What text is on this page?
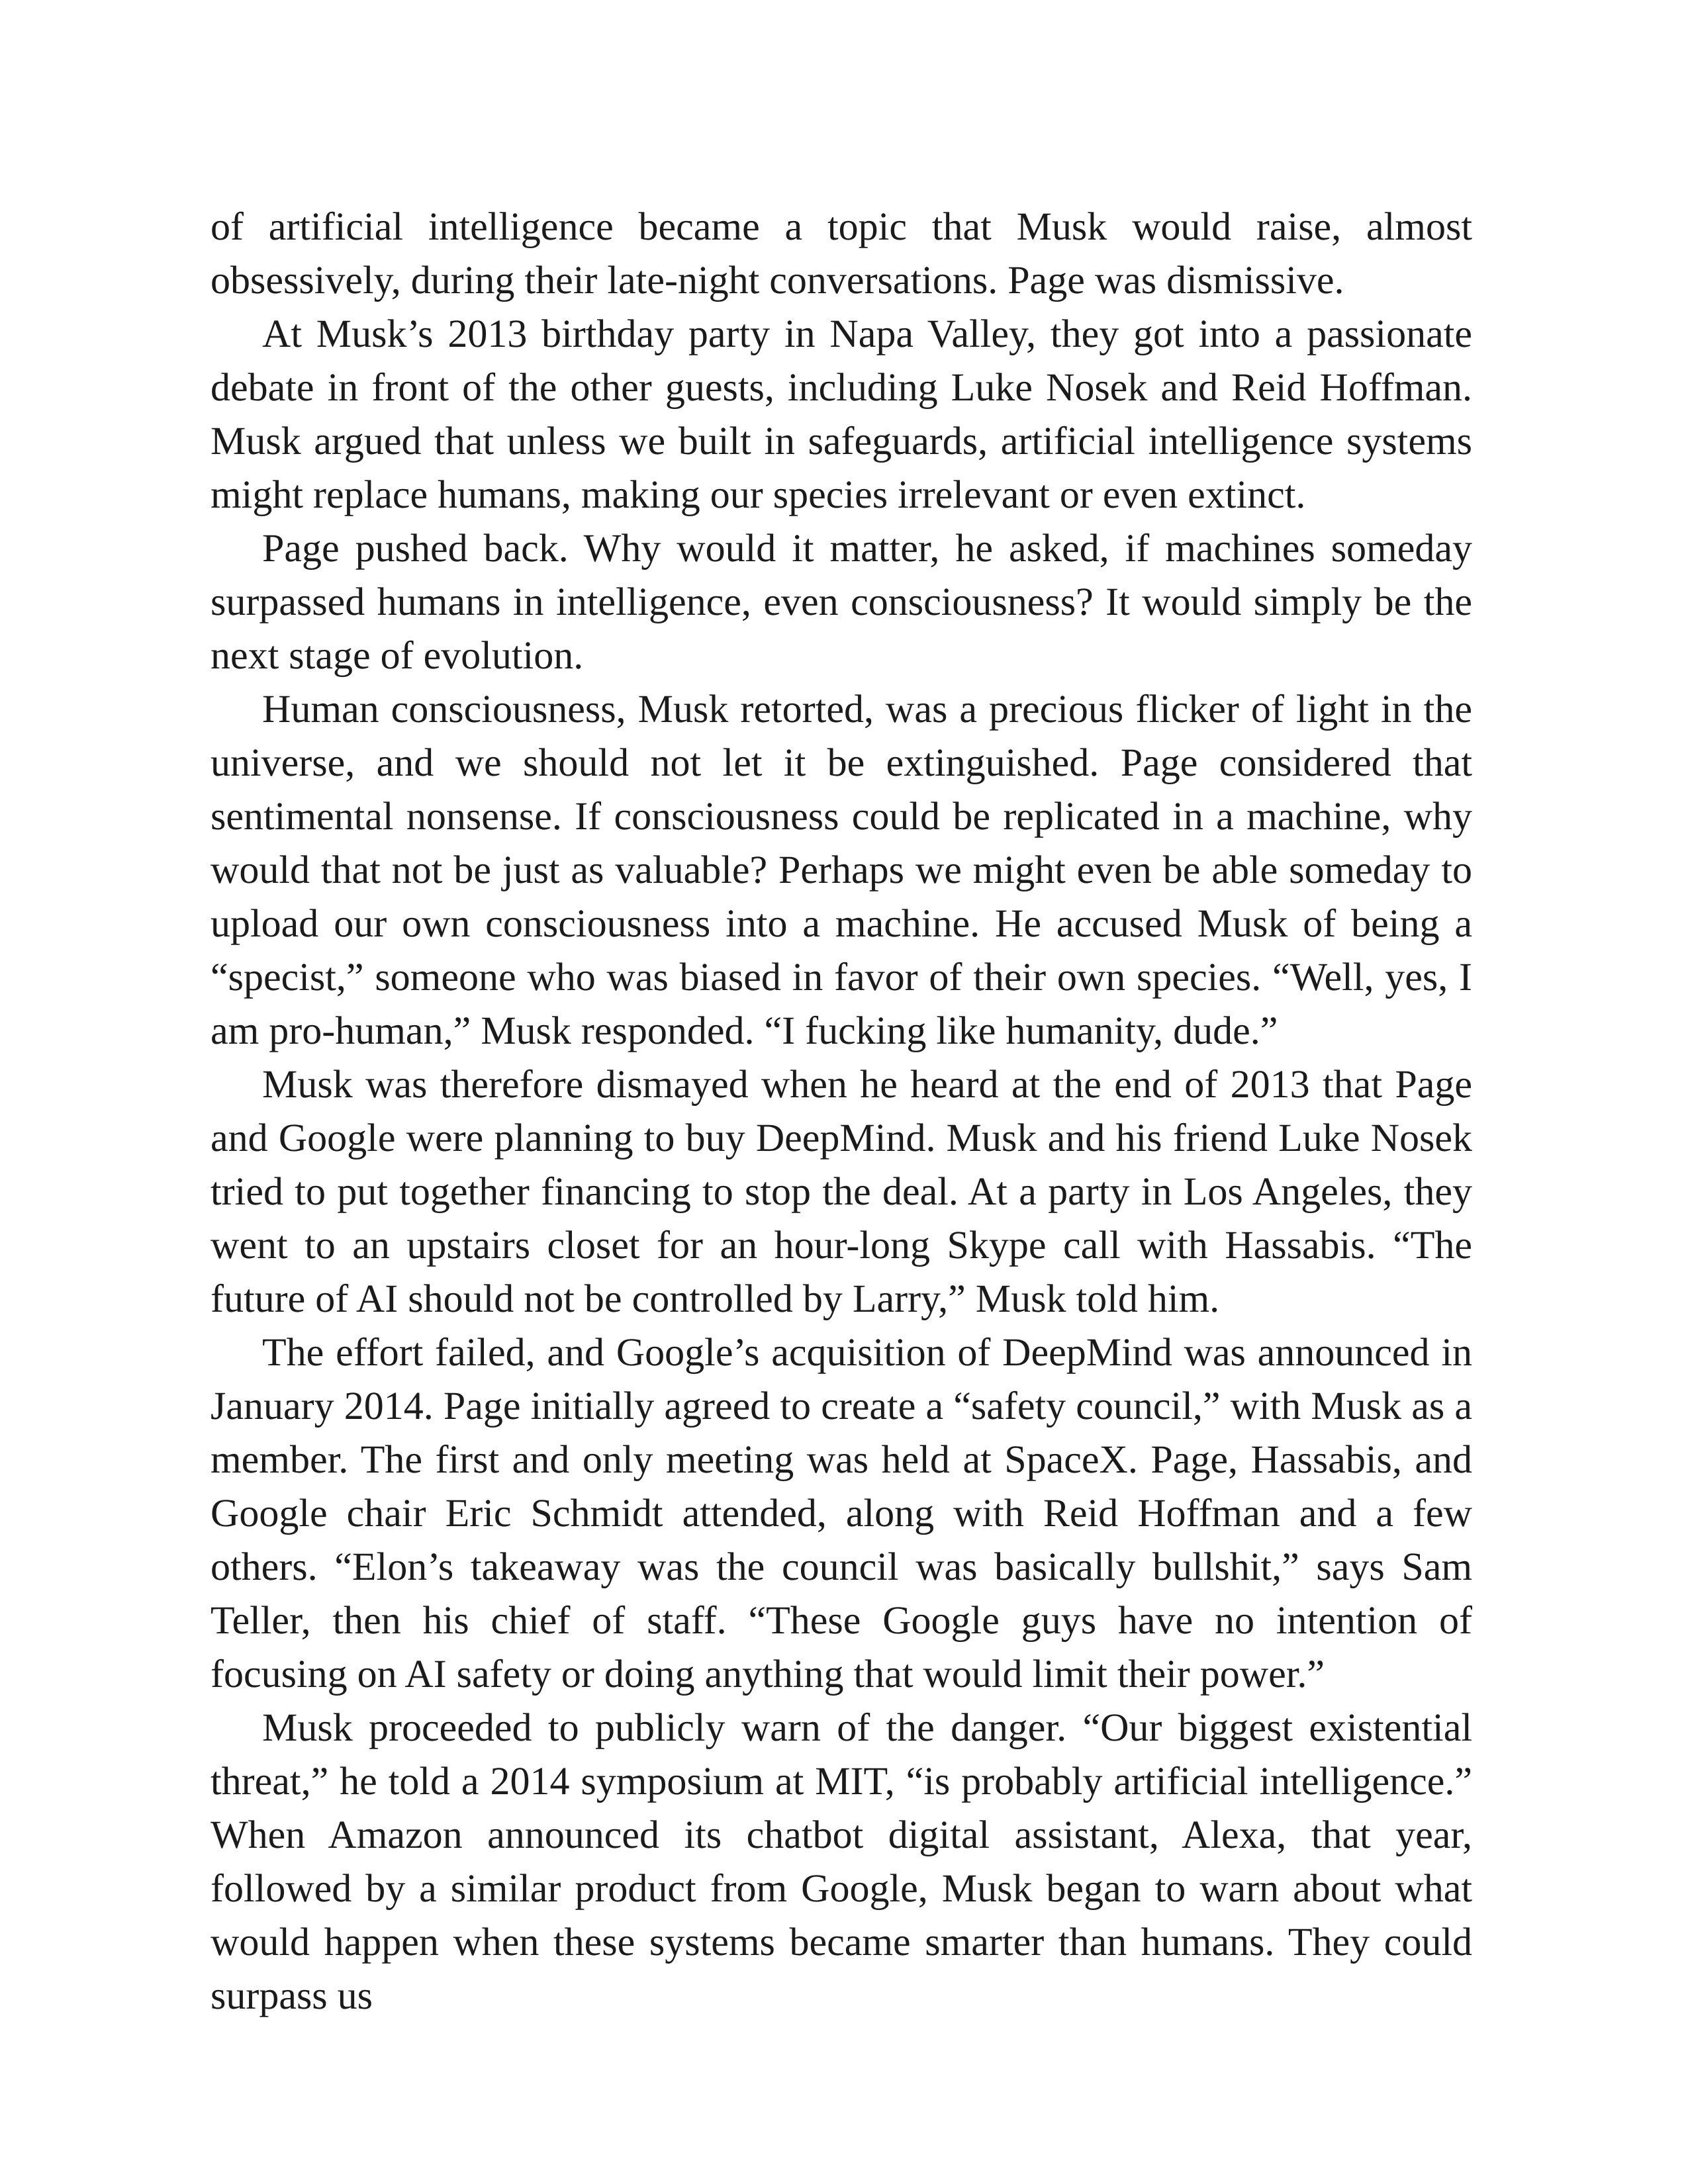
of artificial intelligence became a topic that Musk would raise, almost obsessively, during their late-night conversations. Page was dismissive.

At Musk’s 2013 birthday party in Napa Valley, they got into a passionate debate in front of the other guests, including Luke Nosek and Reid Hoffman. Musk argued that unless we built in safeguards, artificial intelligence systems might replace humans, making our species irrelevant or even extinct.

Page pushed back. Why would it matter, he asked, if machines someday surpassed humans in intelligence, even consciousness? It would simply be the next stage of evolution.

Human consciousness, Musk retorted, was a precious flicker of light in the universe, and we should not let it be extinguished. Page considered that sentimental nonsense. If consciousness could be replicated in a machine, why would that not be just as valuable? Perhaps we might even be able someday to upload our own consciousness into a machine. He accused Musk of being a “specist,” someone who was biased in favor of their own species. “Well, yes, I am pro-human,” Musk responded. “I fucking like humanity, dude.”

Musk was therefore dismayed when he heard at the end of 2013 that Page and Google were planning to buy DeepMind. Musk and his friend Luke Nosek tried to put together financing to stop the deal. At a party in Los Angeles, they went to an upstairs closet for an hour-long Skype call with Hassabis. “The future of AI should not be controlled by Larry,” Musk told him.

The effort failed, and Google’s acquisition of DeepMind was announced in January 2014. Page initially agreed to create a “safety council,” with Musk as a member. The first and only meeting was held at SpaceX. Page, Hassabis, and Google chair Eric Schmidt attended, along with Reid Hoffman and a few others. “Elon’s takeaway was the council was basically bullshit,” says Sam Teller, then his chief of staff. “These Google guys have no intention of focusing on AI safety or doing anything that would limit their power.”

Musk proceeded to publicly warn of the danger. “Our biggest existential threat,” he told a 2014 symposium at MIT, “is probably artificial intelligence.” When Amazon announced its chatbot digital assistant, Alexa, that year, followed by a similar product from Google, Musk began to warn about what would happen when these systems became smarter than humans. They could surpass us
